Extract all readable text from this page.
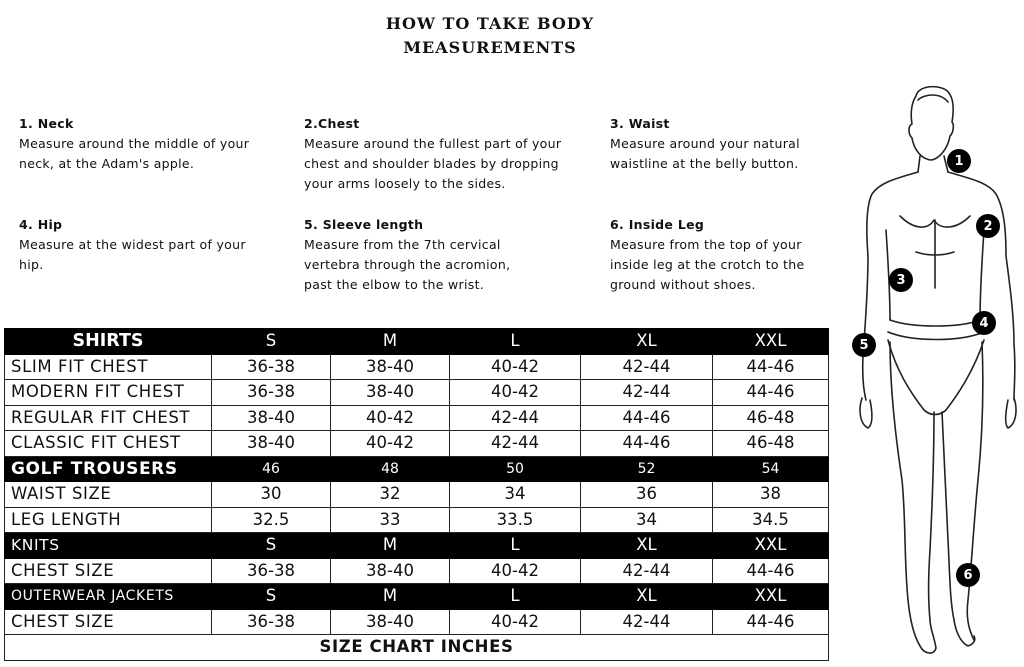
HOW TO TAKE BODY
MEASUREMENTS
1. Neck
Measure around the middle of your
neck, at the Adam's apple.
2.Chest
Measure around the fullest part of your
chest and shoulder blades by dropping
your arms loosely to the sides.
3. Waist
Measure around your natural
waistline at the belly button.
4. Hip
Measure at the widest part of your
hip.
5. Sleeve length
Measure from the 7th cervical
vertebra through the acromion,
past the elbow to the wrist.
6. Inside Leg
Measure from the top of your
inside leg at the crotch to the
ground without shoes.
SHIRTS	S	M	L	XL	XXL
SLIM FIT CHEST	36-38	38-40	40-42	42-44	44-46
MODERN FIT CHEST	36-38	38-40	40-42	42-44	44-46
REGULAR FIT CHEST	38-40	40-42	42-44	44-46	46-48
CLASSIC FIT CHEST	38-40	40-42	42-44	44-46	46-48
GOLF TROUSERS	46	48	50	52	54
WAIST SIZE	30	32	34	36	38
LEG LENGTH	32.5	33	33.5	34	34.5
KNITS	S	M	L	XL	XXL
CHEST SIZE	36-38	38-40	40-42	42-44	44-46
OUTERWEAR JACKETS	S	M	L	XL	XXL
CHEST SIZE	36-38	38-40	40-42	42-44	44-46
SIZE CHART INCHES					
1
2
3
4
5
6
